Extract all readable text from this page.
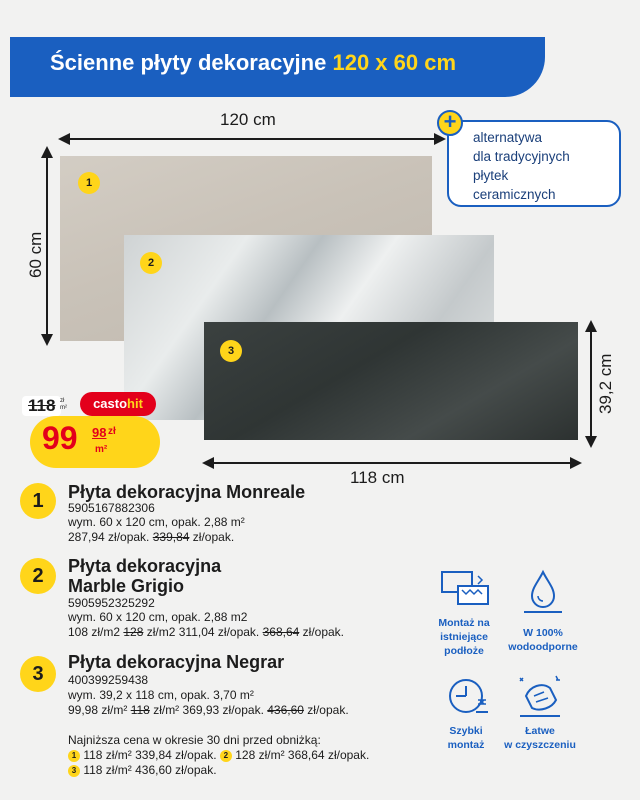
Ścienne płyty dekoracyjne 120 x 60 cm
120 cm
60 cm
1
2
3
alternatywa
dla tradycyjnych
płytek
ceramicznych
+
39,2 cm
118 cm
118 zł
m²	castohit
99 98 zł
m²
1	Płyta dekoracyjna Monreale
5905167882306
wym. 60 x 120 cm, opak. 2,88 m²
287,94 zł/opak. 339,84 zł/opak.
2	Płyta dekoracyjna
Marble Grigio
5905952325292
wym. 60 x 120 cm, opak. 2,88 m2
108 zł/m2 128 zł/m2 311,04 zł/opak. 368,64 zł/opak.
3
Płyta dekoracyjna Negrar
400399259438
wym. 39,2 x 118 cm, opak. 3,70 m²
99,98 zł/m² 118 zł/m² 369,93 zł/opak. 436,60 zł/opak.
Montaż na
istniejące
podłoże
W 100%
wodoodporne
Szybki
montaż
Łatwe
w czyszczeniu
Najniższa cena w okresie 30 dni przed obniżką:
1 118 zł/m² 339,84 zł/opak. 2 128 zł/m² 368,64 zł/opak.
3 118 zł/m² 436,60 zł/opak.
